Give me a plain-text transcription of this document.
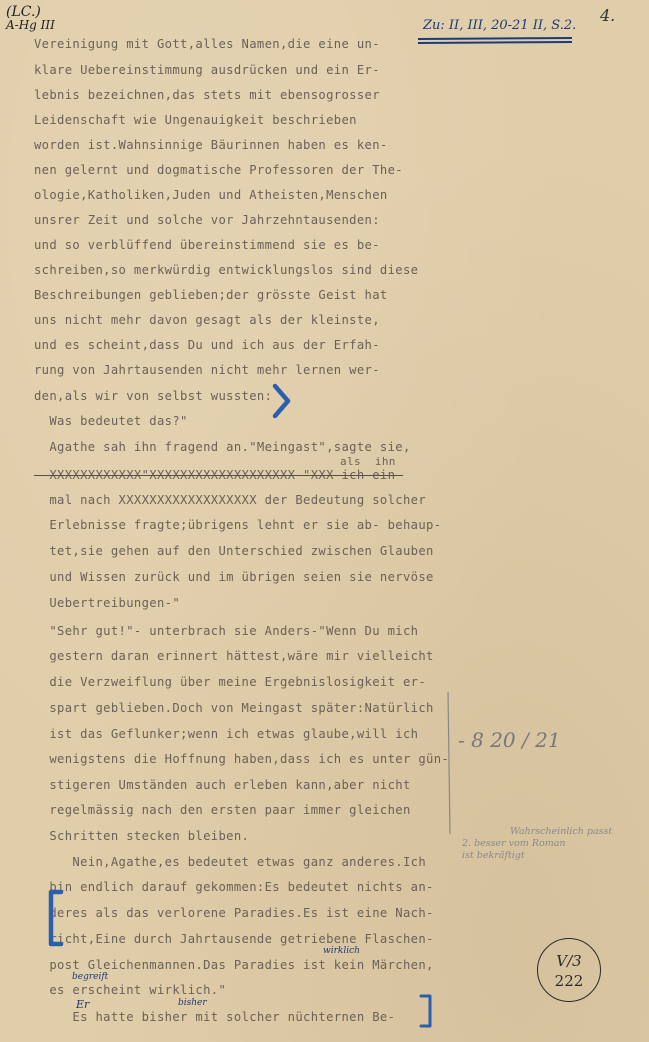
(LC.)
A-Hg III	Zu: II, III, 20-21 II, S.2.
4.
Vereinigung mit Gott,alles Namen,die eine un-
klare Uebereinstimmung ausdrücken und ein Er-
lebnis bezeichnen,das stets mit ebensogrosser
Leidenschaft wie Ungenauigkeit beschrieben
worden ist.Wahnsinnige Bäurinnen haben es ken-
nen gelernt und dogmatische Professoren der The-
ologie,Katholiken,Juden und Atheisten,Menschen
unsrer Zeit und solche vor Jahrzehntausenden:
und so verblüffend übereinstimmend sie es be-
schreiben,so merkwürdig entwicklungslos sind diese
Beschreibungen geblieben;der grösste Geist hat
uns nicht mehr davon gesagt als der kleinste,
und es scheint,dass Du und ich aus der Erfah-
rung von Jahrtausenden nicht mehr lernen wer-
den,als wir von selbst wussten:
Was bedeutet das?"
Agathe sah ihn fragend an."Meingast",sagte sie,
XXXXXXXXXXXX"XXXXXXXXXXXXXXXXXXX "XXX ich ein-
mal nach XXXXXXXXXXXXXXXXXX der Bedeutung solcher
Erlebnisse fragte;übrigens lehnt er sie ab- behaup-
tet,sie gehen auf den Unterschied zwischen Glauben
und Wissen zurück und im übrigen seien sie nervöse
Uebertreibungen-"
"Sehr gut!"- unterbrach sie Anders-"Wenn Du mich
gestern daran erinnert hättest,wäre mir vielleicht
die Verzweiflung über meine Ergebnislosigkeit er-
spart geblieben.Doch von Meingast später:Natürlich
ist das Geflunker;wenn ich etwas glaube,will ich
wenigstens die Hoffnung haben,dass ich es unter gün-
stigeren Umständen auch erleben kann,aber nicht
regelmässig nach den ersten paar immer gleichen
Schritten stecken bleiben.
Nein,Agathe,es bedeutet etwas ganz anderes.Ich
bin endlich darauf gekommen:Es bedeutet nichts an-
deres als das verlorene Paradies.Es ist eine Nach-
richt,Eine durch Jahrtausende getriebene Flaschen-
post Gleichenmannen.Das Paradies ist kein Märchen,
es erscheint wirklich."
Es hatte bisher mit solcher nüchternen Be-
als  ihn
wirklich
begreift
bisher
Er
- 8 20 / 21
Wahrscheinlich passt
2. besser vom Roman
ist bekräftigt
V/3
222
